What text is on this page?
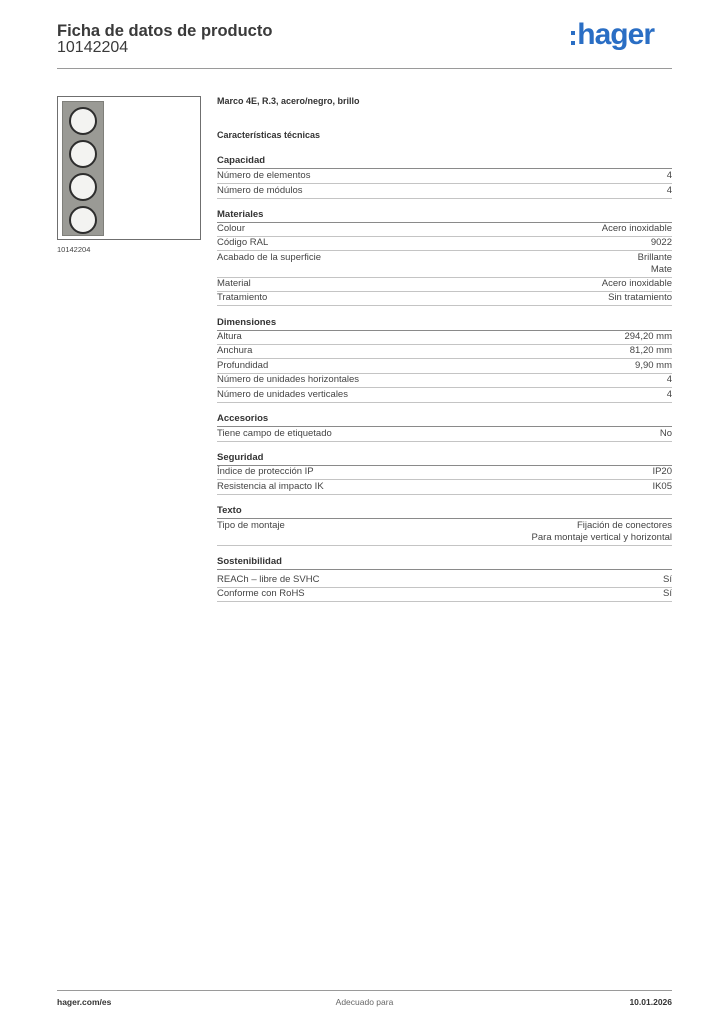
Ficha de datos de producto
10142204	hager
10142204
Marco 4E, R.3, acero/negro, brillo
Características técnicas
Capacidad
Número de elementos	4
Número de módulos	4
Materiales
Colour	Acero inoxidable
Código RAL	9022
Acabado de la superficie	Brillante
Mate
Material	Acero inoxidable
Tratamiento	Sin tratamiento
Dimensiones
Altura	294,20 mm
Anchura	81,20 mm
Profundidad	9,90 mm
Número de unidades horizontales	4
Número de unidades verticales	4
Accesorios
Tiene campo de etiquetado	No
Seguridad
Índice de protección IP	IP20
Resistencia al impacto IK	IK05
Texto
Tipo de montaje	Fijación de conectores
Para montaje vertical y horizontal
Sostenibilidad
REACh – libre de SVHC	Sí
Conforme con RoHS	Sí
Adecuado para
hager.com/es	10.01.2026
